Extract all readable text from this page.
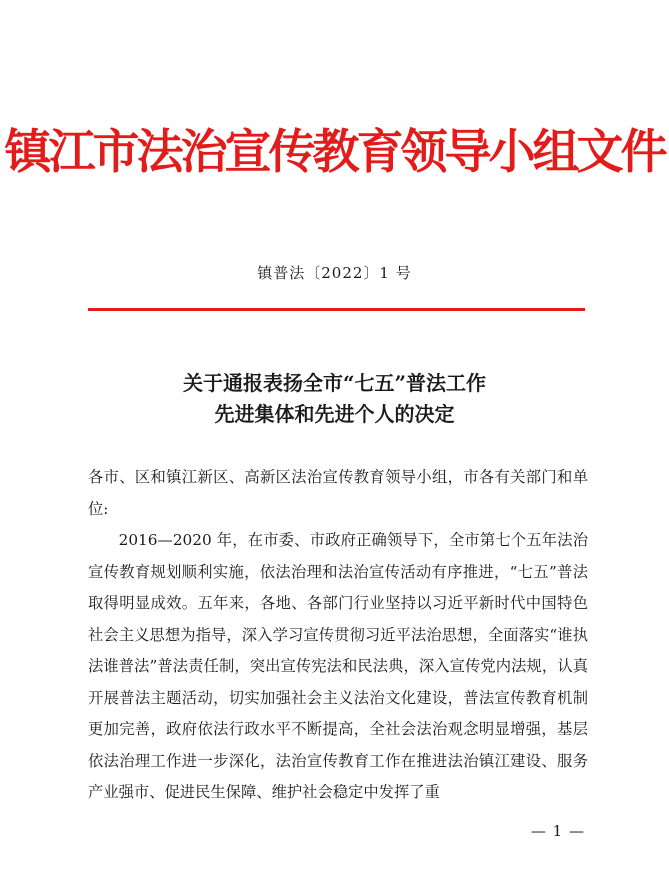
镇江市法治宣传教育领导小组文件
镇普法〔2022〕1 号
关于通报表扬全市“七五”普法工作
先进集体和先进个人的决定

各市、区和镇江新区、高新区法治宣传教育领导小组，市各有关部门和单位:

2016—2020 年，在市委、市政府正确领导下，全市第七个五年法治宣传教育规划顺利实施，依法治理和法治宣传活动有序推进，“七五”普法取得明显成效。五年来，各地、各部门行业坚持以习近平新时代中国特色社会主义思想为指导，深入学习宣传贯彻习近平法治思想，全面落实“谁执法谁普法”普法责任制，突出宣传宪法和民法典，深入宣传党内法规，认真开展普法主题活动，切实加强社会主义法治文化建设，普法宣传教育机制更加完善，政府依法行政水平不断提高，全社会法治观念明显增强，基层依法治理工作进一步深化，法治宣传教育工作在推进法治镇江建设、服务产业强市、促进民生保障、维护社会稳定中发挥了重

— 1 —
